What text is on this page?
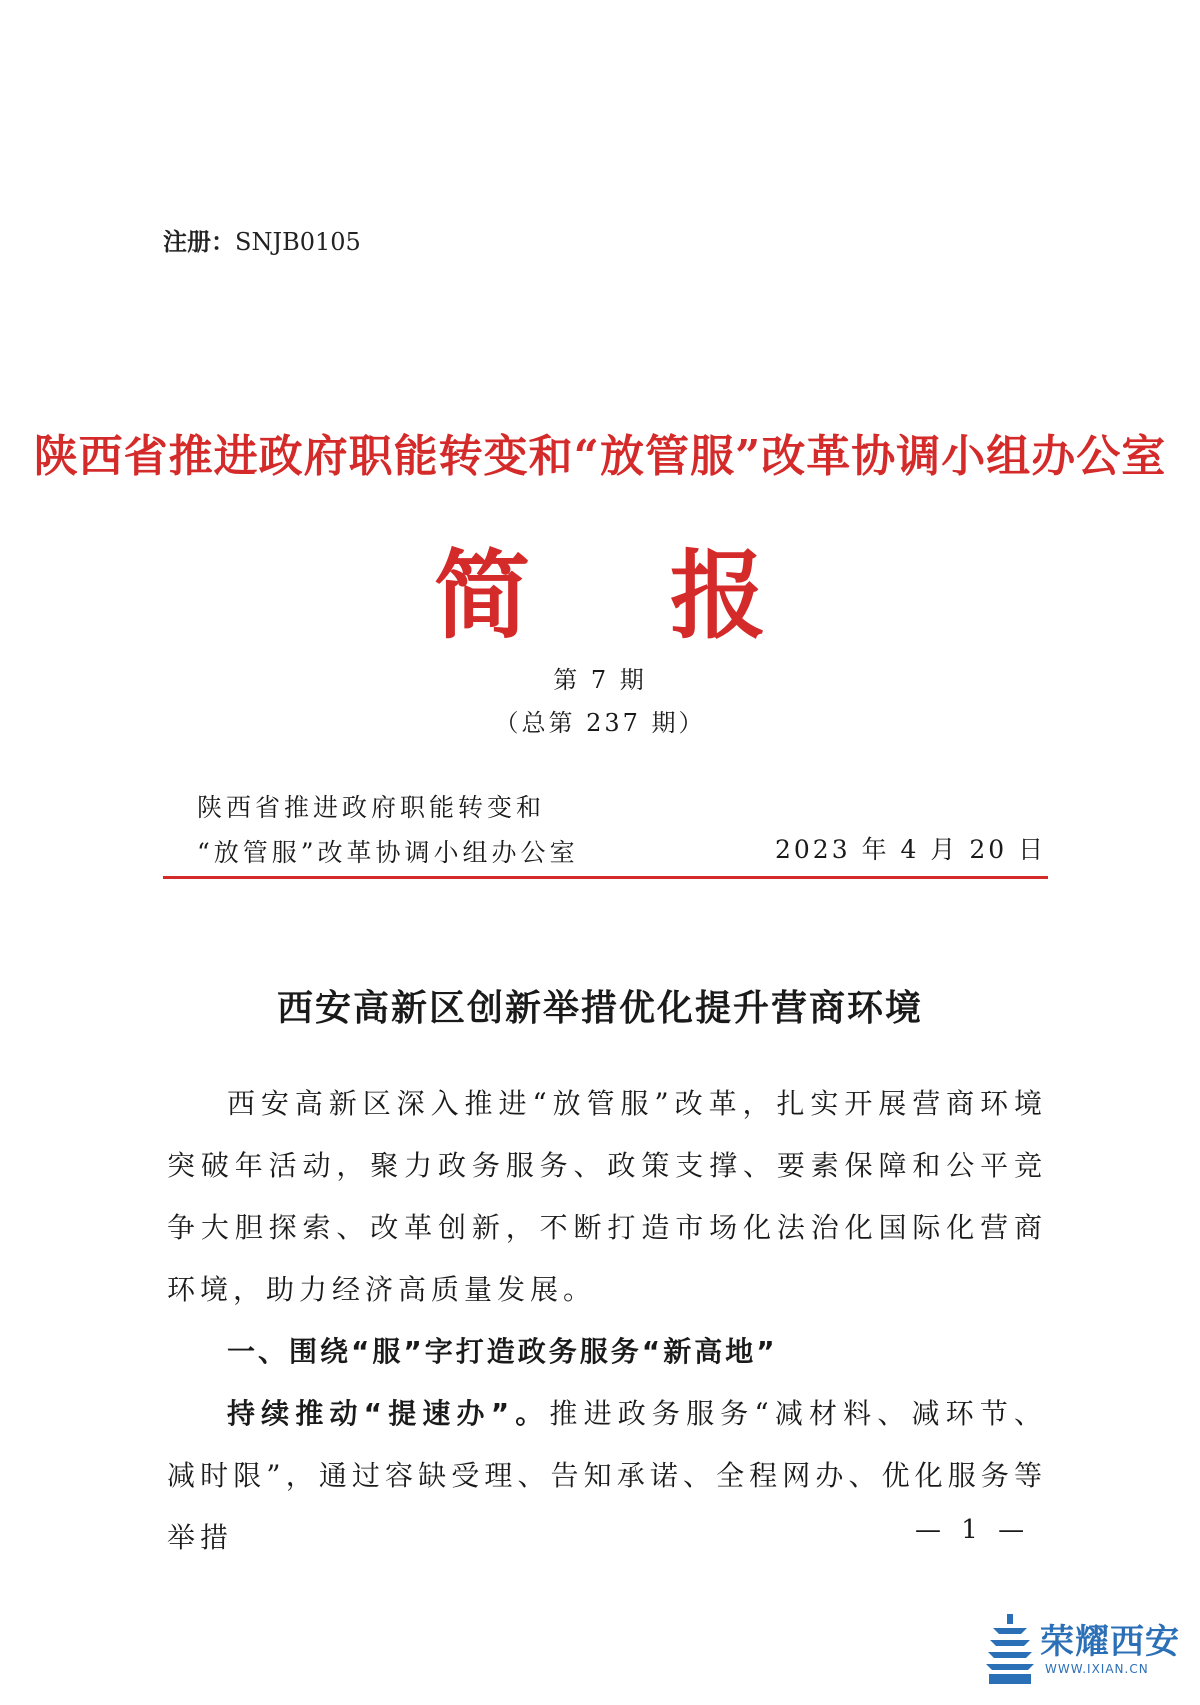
注册：SNJB0105
陕西省推进政府职能转变和“放管服”改革协调小组办公室
简报
第 7 期
（总第 237 期）
陕西省推进政府职能转变和
“放管服”改革协调小组办公室	2023 年 4 月 20 日
西安高新区创新举措优化提升营商环境

西安高新区深入推进“放管服”改革，扎实开展营商环境突破年活动，聚力政务服务、政策支撑、要素保障和公平竞争大胆探索、改革创新，不断打造市场化法治化国际化营商环境，助力经济高质量发展。

一、围绕“服”字打造政务服务“新高地”

持续推动“提速办”。推进政务服务“减材料、减环节、减时限”，通过容缺受理、告知承诺、全程网办、优化服务等举措	— 1 —
荣耀西安
WWW.IXIAN.CN
